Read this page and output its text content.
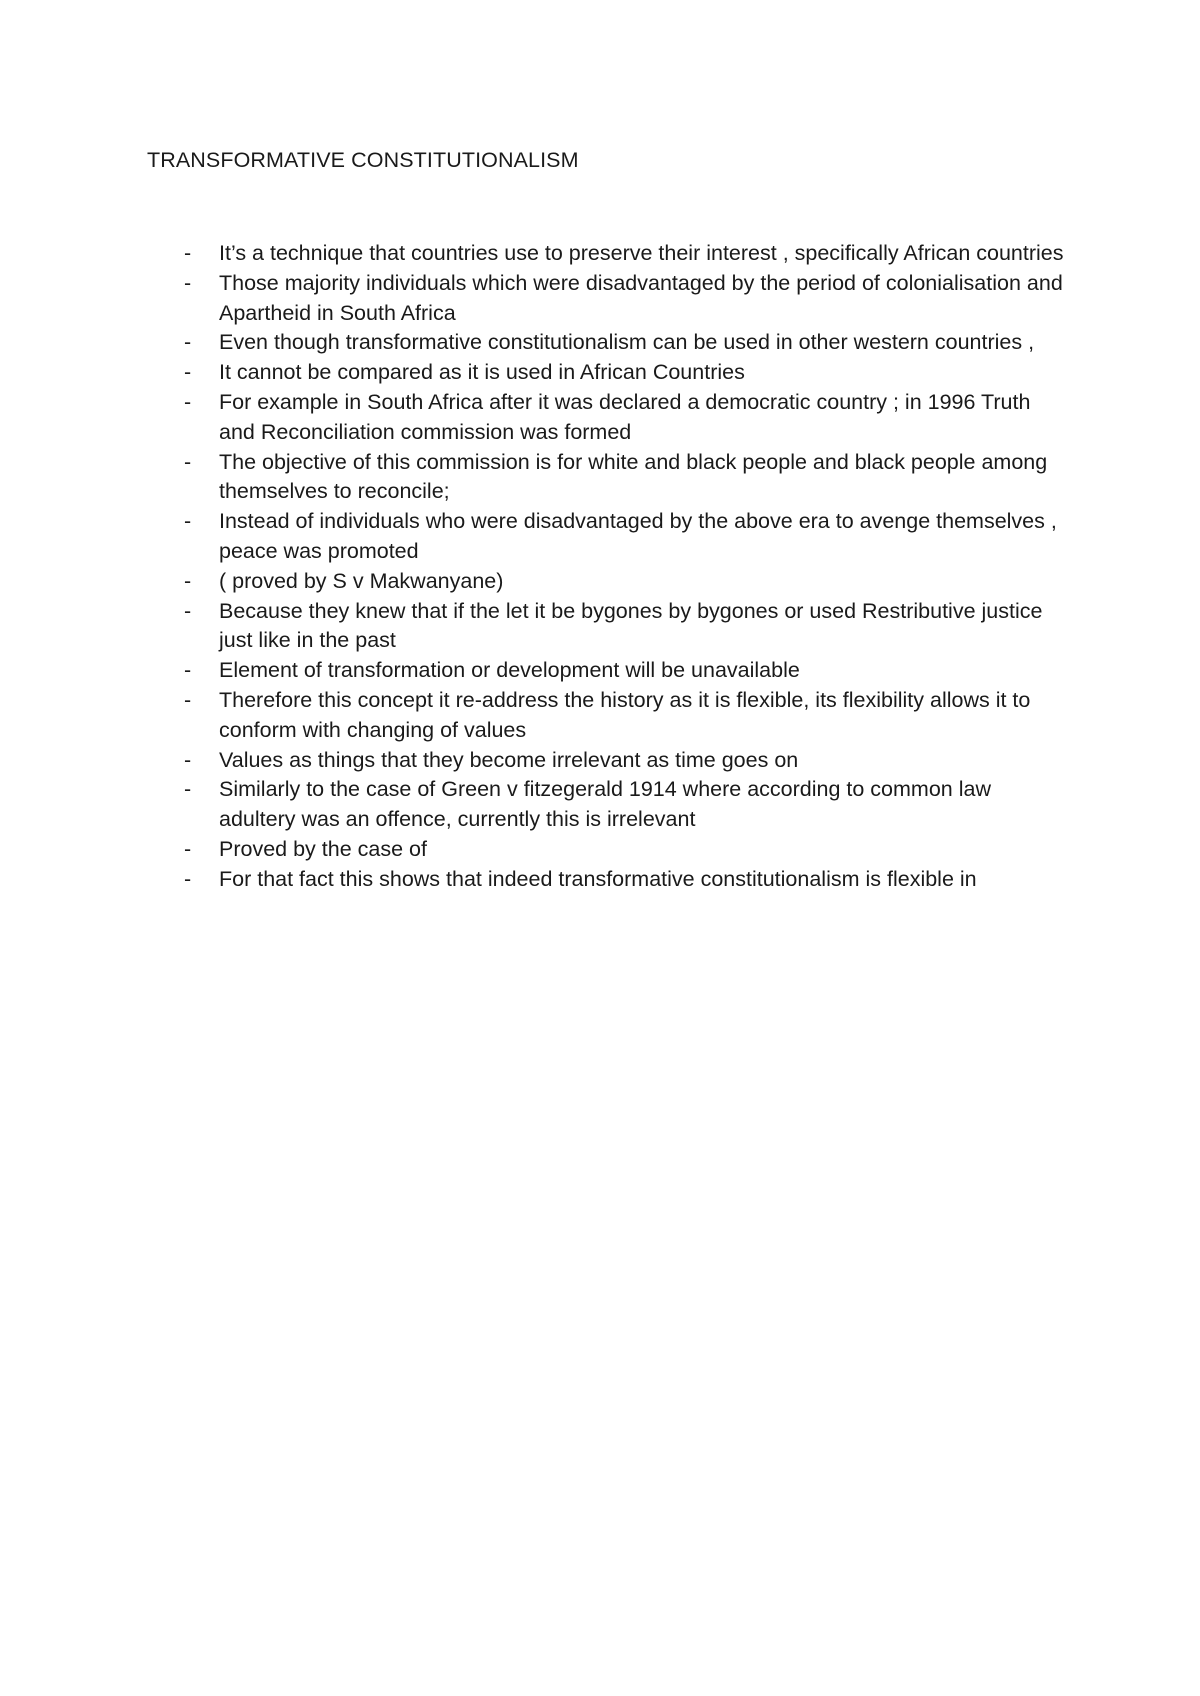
TRANSFORMATIVE CONSTITUTIONALISM
- It’s a technique that countries use to preserve their interest , specifically African countries
- Those majority individuals which were disadvantaged by the period of colonialisation and Apartheid in South Africa
- Even though transformative constitutionalism can be used in other western countries ,
- It cannot be compared as it is used in African Countries
- For example in South Africa after it was declared a democratic country ; in 1996 Truth and Reconciliation commission was formed
- The objective of this commission is for white and black people and black people among themselves to reconcile;
- Instead of individuals who were disadvantaged by the above era to avenge themselves , peace was promoted
- ( proved by S v Makwanyane)
- Because they knew that if the let it be bygones by bygones or used Restributive justice just like in the past
- Element of transformation or development will be unavailable
- Therefore this concept it re-address the history as it is flexible, its flexibility allows it to conform with changing of values
- Values as things that they become irrelevant as time goes on
- Similarly to the case of Green v fitzegerald 1914 where according to common law adultery was an offence, currently this is irrelevant
- Proved by the case of
- For that fact this shows that indeed transformative constitutionalism is flexible in
